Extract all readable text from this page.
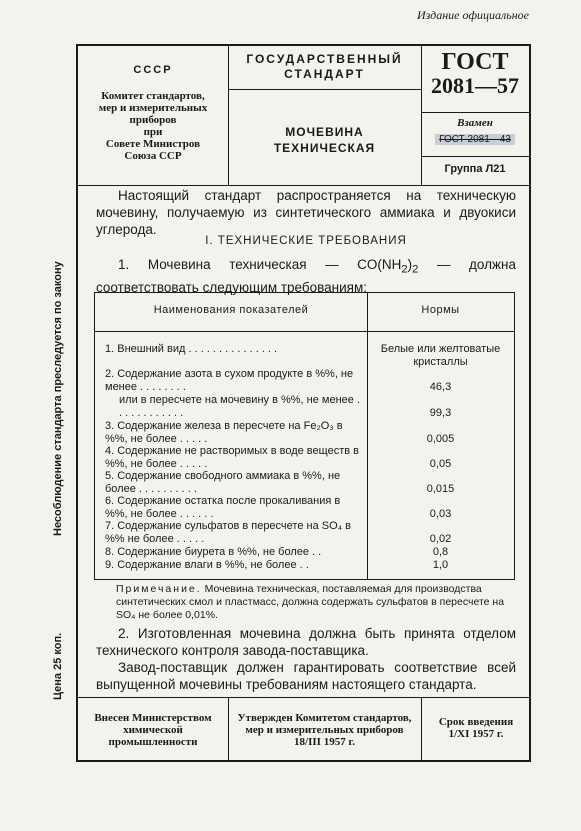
Издание официальное
СССР
Комитет стандартов,
мер и измерительных
приборов
при
Совете Министров
Союза ССР
ГОСУДАРСТВЕННЫЙ
СТАНДАРТ
МОЧЕВИНА
ТЕХНИЧЕСКАЯ
ГОСТ
2081—57
Взамен
ГОСТ 2081—43
Группа Л21
Внесен Министерством
химической
промышленности
Утвержден Комитетом стандартов,
мер и измерительных приборов
18/III 1957 г.
Срок введения
1/XI 1957 г.
Несоблюдение стандарта преследуется по закону
Цена 25 коп.
Настоящий стандарт распространяется на техническую мочевину, получаемую из синтетического аммиака и двуокиси углерода.
I. ТЕХНИЧЕСКИЕ ТРЕБОВАНИЯ
1. Мочевина техническая — $CO(NH_2)_2$ — должна соответствовать следующим требованиям:
Наименования показателей	Нормы
1. Внешний вид . . . . . . . . . . . . . . .	Белые или желтоватые кристаллы
2. Содержание азота в сухом продукте в %%, не менее . . . . . . . .	46,3
или в пересчете на мочевину в %%, не менее . . . . . . . . . . . .	99,3
3. Содержание железа в пересчете на Fe₂O₃ в %%, не более . . . . .	0,005
4. Содержание не растворимых в воде веществ в %%, не более . . . . .	0,05
5. Содержание свободного аммиака в %%, не более . . . . . . . . . .	0,015
6. Содержание остатка после прокаливания в %%, не более . . . . . .	0,03
7. Содержание сульфатов в пересчете на SO₄ в %% не более . . . . .	0,02
8. Содержание биурета в %%, не более . .	0,8
9. Содержание влаги в %%, не более . .	1,0
Примечание. Мочевина техническая, поставляемая для производства синтетических смол и пластмасс, должна содержать сульфатов в пересчете на SO₄ не более 0,01%.
2. Изготовленная мочевина должна быть принята отделом технического контроля завода-поставщика.
Завод-поставщик должен гарантировать соответствие всей выпущенной мочевины требованиям настоящего стандарта.
